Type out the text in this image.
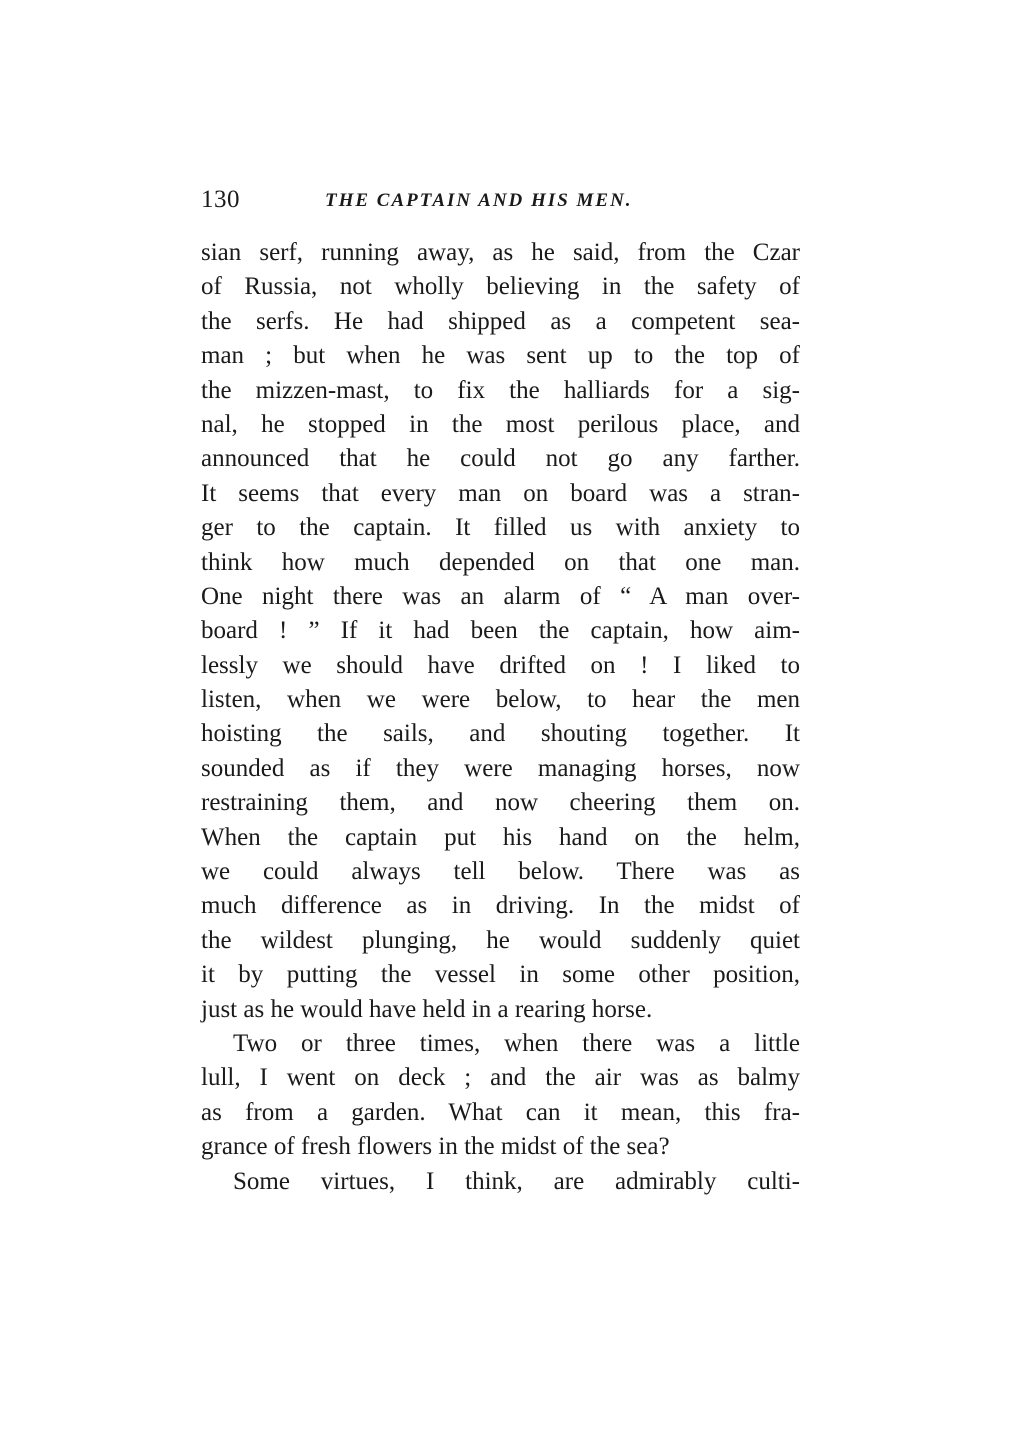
130	THE CAPTAIN AND HIS MEN.
sian serf, running away, as he said, from the Czar
of Russia, not wholly believing in the safety of
the serfs. He had shipped as a competent sea-
man ; but when he was sent up to the top of
the mizzen-mast, to fix the halliards for a sig-
nal, he stopped in the most perilous place, and
announced that he could not go any farther.
It seems that every man on board was a stran-
ger to the captain. It filled us with anxiety to
think how much depended on that one man.
One night there was an alarm of “ A man over-
board ! ” If it had been the captain, how aim-
lessly we should have drifted on ! I liked to
listen, when we were below, to hear the men
hoisting the sails, and shouting together. It
sounded as if they were managing horses, now
restraining them, and now cheering them on.
When the captain put his hand on the helm,
we could always tell below. There was as
much difference as in driving. In the midst of
the wildest plunging, he would suddenly quiet
it by putting the vessel in some other position,
just as he would have held in a rearing horse.
Two or three times, when there was a little
lull, I went on deck ; and the air was as balmy
as from a garden. What can it mean, this fra-
grance of fresh flowers in the midst of the sea?
Some virtues, I think, are admirably culti-
